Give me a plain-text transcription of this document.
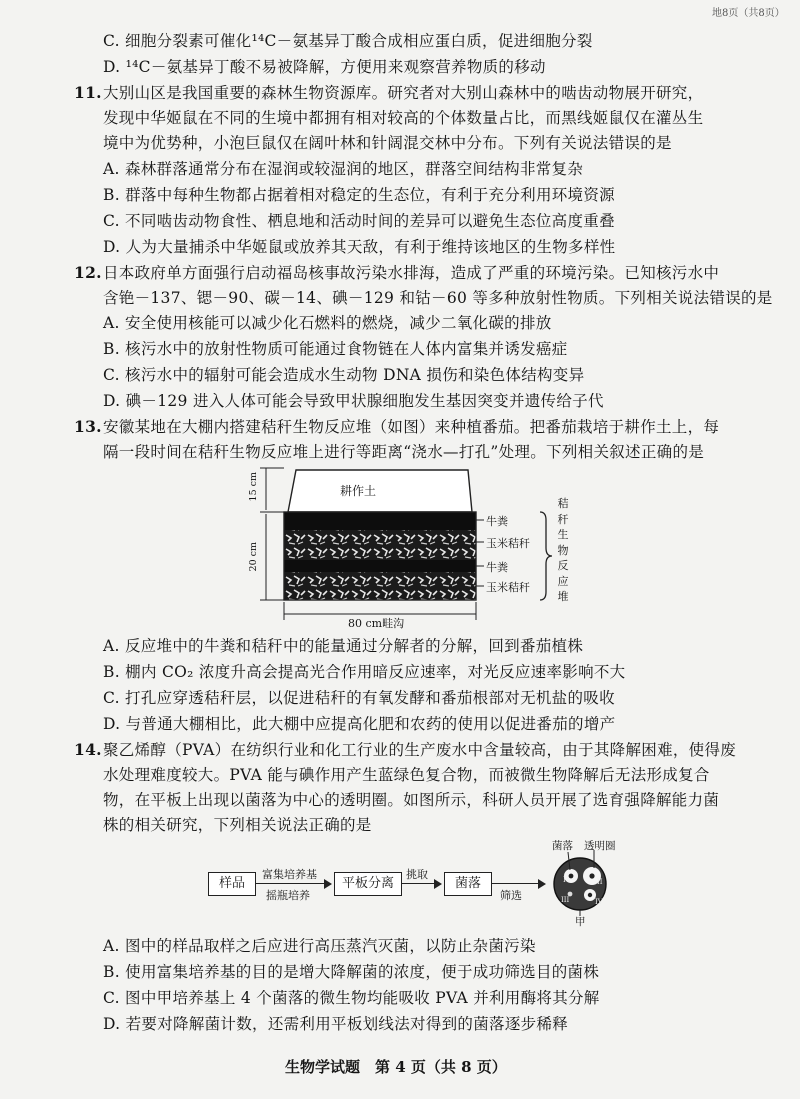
地8页（共8页）
C. 细胞分裂素可催化¹⁴C－氨基异丁酸合成相应蛋白质，促进细胞分裂
D. ¹⁴C－氨基异丁酸不易被降解，方便用来观察营养物质的移动
11. 大别山区是我国重要的森林生物资源库。研究者对大别山森林中的啮齿动物展开研究，
发现中华姬鼠在不同的生境中都拥有相对较高的个体数量占比，而黑线姬鼠仅在灌丛生
境中为优势种，小泡巨鼠仅在阔叶林和针阔混交林中分布。下列有关说法错误的是
A. 森林群落通常分布在湿润或较湿润的地区，群落空间结构非常复杂
B. 群落中每种生物都占据着相对稳定的生态位，有利于充分利用环境资源
C. 不同啮齿动物食性、栖息地和活动时间的差异可以避免生态位高度重叠
D. 人为大量捕杀中华姬鼠或放养其天敌，有利于维持该地区的生物多样性
12. 日本政府单方面强行启动福岛核事故污染水排海，造成了严重的环境污染。已知核污水中
含铯－137、锶－90、碳－14、碘－129 和钴－60 等多种放射性物质。下列相关说法错误的是
A. 安全使用核能可以减少化石燃料的燃烧，减少二氧化碳的排放
B. 核污水中的放射性物质可能通过食物链在人体内富集并诱发癌症
C. 核污水中的辐射可能会造成水生动物 DNA 损伤和染色体结构变异
D. 碘－129 进入人体可能会导致甲状腺细胞发生基因突变并遗传给子代
13. 安徽某地在大棚内搭建秸秆生物反应堆（如图）来种植番茄。把番茄栽培于耕作土上，每
隔一段时间在秸秆生物反应堆上进行等距离“浇水—打孔”处理。下列相关叙述正确的是
耕作土
15 cm
20 cm
80 cm畦沟
牛粪
玉米秸秆
牛粪
玉米秸秆
秸
秆
生
物
反
应
堆
A. 反应堆中的牛粪和秸秆中的能量通过分解者的分解，回到番茄植株
B. 棚内 CO₂ 浓度升高会提高光合作用暗反应速率，对光反应速率影响不大
C. 打孔应穿透秸秆层，以促进秸秆的有氧发酵和番茄根部对无机盐的吸收
D. 与普通大棚相比，此大棚中应提高化肥和农药的使用以促进番茄的增产
14. 聚乙烯醇（PVA）在纺织行业和化工行业的生产废水中含量较高，由于其降解困难，使得废
水处理难度较大。PVA 能与碘作用产生蓝绿色复合物，而被微生物降解后无法形成复合
物，在平板上出现以菌落为中心的透明圈。如图所示，科研人员开展了选育强降解能力菌
株的相关研究，下列相关说法正确的是
样品
富集培养基
摇瓶培养
平板分离
挑取
菌落
筛选
菌落 透明圈
甲
I	II
III	IV
A. 图中的样品取样之后应进行高压蒸汽灭菌，以防止杂菌污染
B. 使用富集培养基的目的是增大降解菌的浓度，便于成功筛选目的菌株
C. 图中甲培养基上 4 个菌落的微生物均能吸收 PVA 并利用酶将其分解
D. 若要对降解菌计数，还需利用平板划线法对得到的菌落逐步稀释
生物学试题　第 4 页（共 8 页）
